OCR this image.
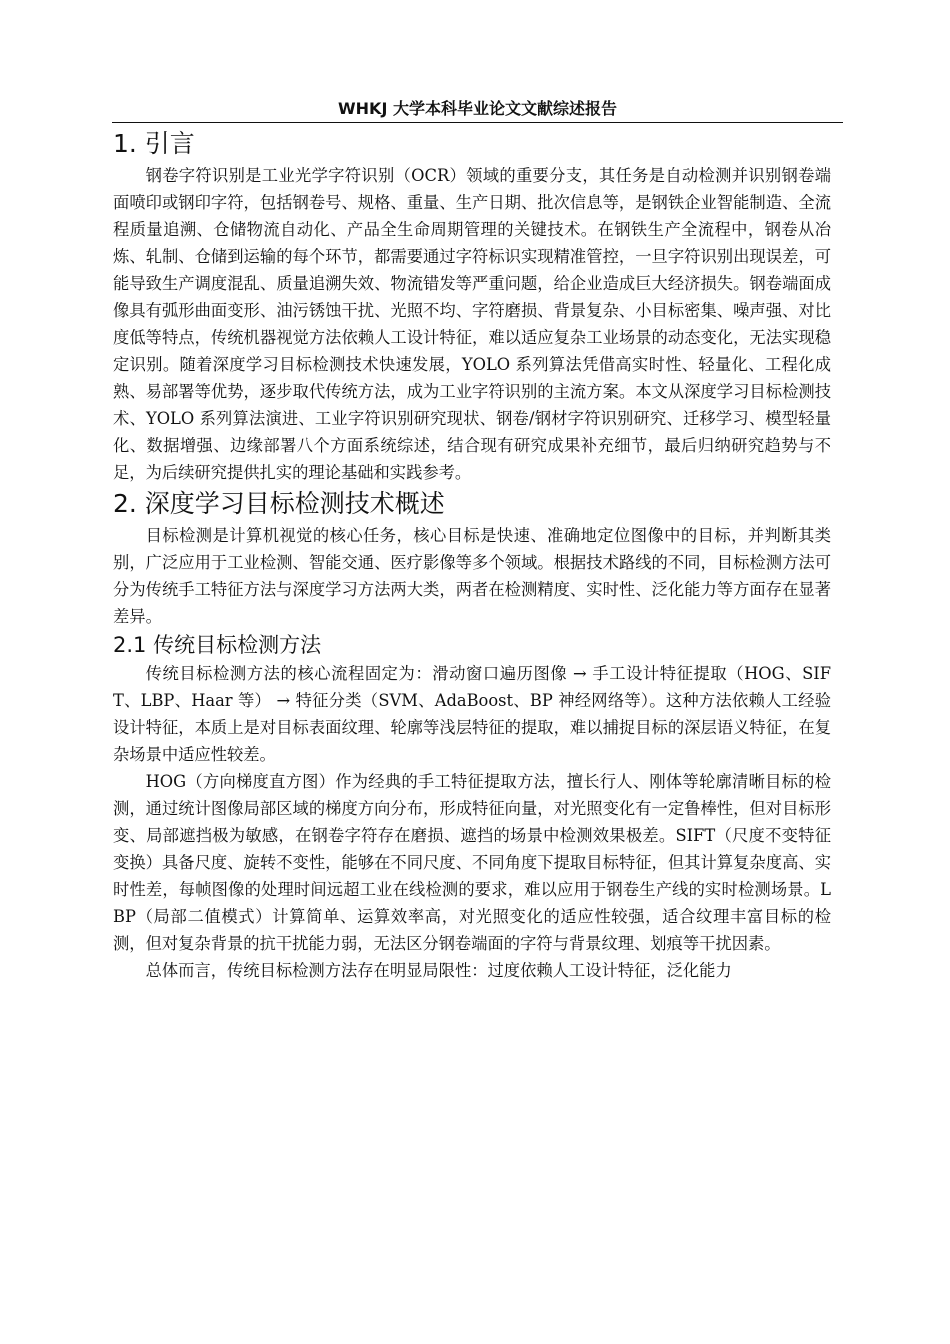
WHKJ 大学本科毕业论文文献综述报告
1. 引言

钢卷字符识别是工业光学字符识别（OCR）领域的重要分支，其任务是自动检测并识别钢卷端面喷印或钢印字符，包括钢卷号、规格、重量、生产日期、批次信息等，是钢铁企业智能制造、全流程质量追溯、仓储物流自动化、产品全生命周期管理的关键技术。在钢铁生产全流程中，钢卷从冶炼、轧制、仓储到运输的每个环节，都需要通过字符标识实现精准管控，一旦字符识别出现误差，可能导致生产调度混乱、质量追溯失效、物流错发等严重问题，给企业造成巨大经济损失。钢卷端面成像具有弧形曲面变形、油污锈蚀干扰、光照不均、字符磨损、背景复杂、小目标密集、噪声强、对比度低等特点，传统机器视觉方法依赖人工设计特征，难以适应复杂工业场景的动态变化，无法实现稳定识别。随着深度学习目标检测技术快速发展，YOLO 系列算法凭借高实时性、轻量化、工程化成熟、易部署等优势，逐步取代传统方法，成为工业字符识别的主流方案。本文从深度学习目标检测技术、YOLO 系列算法演进、工业字符识别研究现状、钢卷/钢材字符识别研究、迁移学习、模型轻量化、数据增强、边缘部署八个方面系统综述，结合现有研究成果补充细节，最后归纳研究趋势与不足，为后续研究提供扎实的理论基础和实践参考。

2. 深度学习目标检测技术概述

目标检测是计算机视觉的核心任务，核心目标是快速、准确地定位图像中的目标，并判断其类别，广泛应用于工业检测、智能交通、医疗影像等多个领域。根据技术路线的不同，目标检测方法可分为传统手工特征方法与深度学习方法两大类，两者在检测精度、实时性、泛化能力等方面存在显著差异。

2.1 传统目标检测方法

传统目标检测方法的核心流程固定为：滑动窗口遍历图像 → 手工设计特征提取（HOG、SIFT、LBP、Haar 等） → 特征分类（SVM、AdaBoost、BP 神经网络等）。这种方法依赖人工经验设计特征，本质上是对目标表面纹理、轮廓等浅层特征的提取，难以捕捉目标的深层语义特征，在复杂场景中适应性较差。

HOG（方向梯度直方图）作为经典的手工特征提取方法，擅长行人、刚体等轮廓清晰目标的检测，通过统计图像局部区域的梯度方向分布，形成特征向量，对光照变化有一定鲁棒性，但对目标形变、局部遮挡极为敏感，在钢卷字符存在磨损、遮挡的场景中检测效果极差。SIFT（尺度不变特征变换）具备尺度、旋转不变性，能够在不同尺度、不同角度下提取目标特征，但其计算复杂度高、实时性差，每帧图像的处理时间远超工业在线检测的要求，难以应用于钢卷生产线的实时检测场景。LBP（局部二值模式）计算简单、运算效率高，对光照变化的适应性较强，适合纹理丰富目标的检测，但对复杂背景的抗干扰能力弱，无法区分钢卷端面的字符与背景纹理、划痕等干扰因素。

总体而言，传统目标检测方法存在明显局限性：过度依赖人工设计特征，泛化能力
